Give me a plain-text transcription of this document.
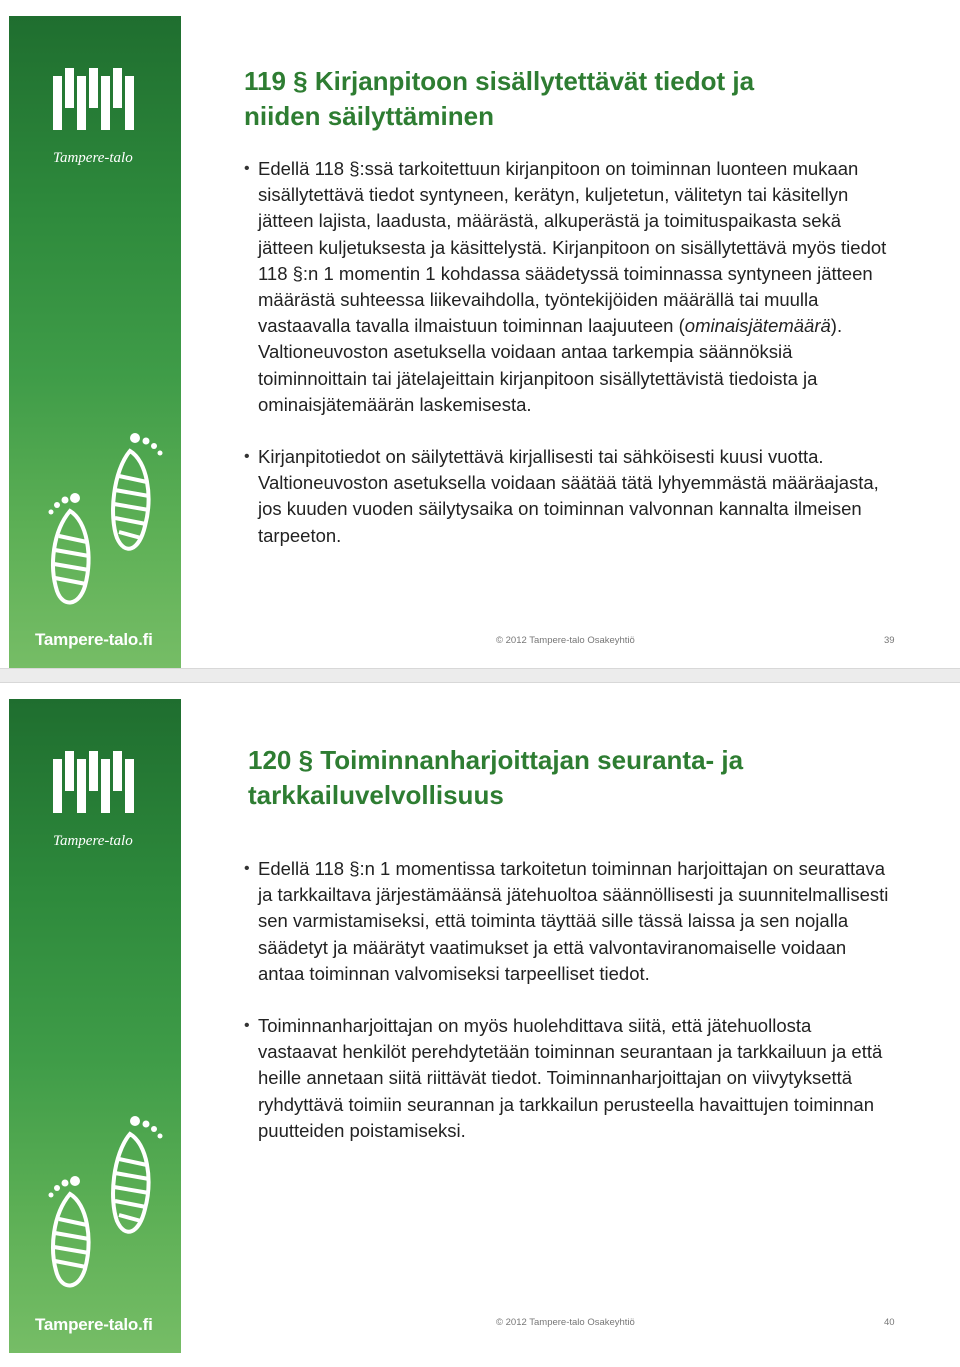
Tampere-talo
Tampere-talo.fi
119 § Kirjanpitoon sisällytettävät tiedot ja
niiden säilyttäminen
• Edellä 118 §:ssä tarkoitettuun kirjanpitoon on toiminnan luonteen mukaan sisällytettävä tiedot syntyneen, kerätyn, kuljetetun, välitetyn tai käsitellyn jätteen lajista, laadusta, määrästä, alkuperästä ja toimituspaikasta sekä jätteen kuljetuksesta ja käsittelystä. Kirjanpitoon on sisällytettävä myös tiedot 118 §:n 1 momentin 1 kohdassa säädetyssä toiminnassa syntyneen jätteen määrästä suhteessa liikevaihdolla, työntekijöiden määrällä tai muulla vastaavalla tavalla ilmaistuun toiminnan laajuuteen (ominaisjätemäärä). Valtioneuvoston asetuksella voidaan antaa tarkempia säännöksiä toiminnoittain tai jätelajeittain kirjanpitoon sisällytettävistä tiedoista ja ominaisjätemäärän laskemisesta.
• Kirjanpitotiedot on säilytettävä kirjallisesti tai sähköisesti kuusi vuotta. Valtioneuvoston asetuksella voidaan säätää tätä lyhyemmästä määräajasta, jos kuuden vuoden säilytysaika on toiminnan valvonnan kannalta ilmeisen tarpeeton.
© 2012 Tampere-talo Osakeyhtiö	39
Tampere-talo
Tampere-talo.fi
120 § Toiminnanharjoittajan seuranta- ja
tarkkailuvelvollisuus
• Edellä 118 §:n 1 momentissa tarkoitetun toiminnan harjoittajan on seurattava ja tarkkailtava järjestämäänsä jätehuoltoa säännöllisesti ja suunnitelmallisesti sen varmistamiseksi, että toiminta täyttää sille tässä laissa ja sen nojalla säädetyt ja määrätyt vaatimukset ja että valvontaviranomaiselle voidaan antaa toiminnan valvomiseksi tarpeelliset tiedot.
• Toiminnanharjoittajan on myös huolehdittava siitä, että jätehuollosta vastaavat henkilöt perehdytetään toiminnan seurantaan ja tarkkailuun ja että heille annetaan siitä riittävät tiedot. Toiminnanharjoittajan on viivytyksettä ryhdyttävä toimiin seurannan ja tarkkailun perusteella havaittujen toiminnan puutteiden poistamiseksi.
© 2012 Tampere-talo Osakeyhtiö	40
